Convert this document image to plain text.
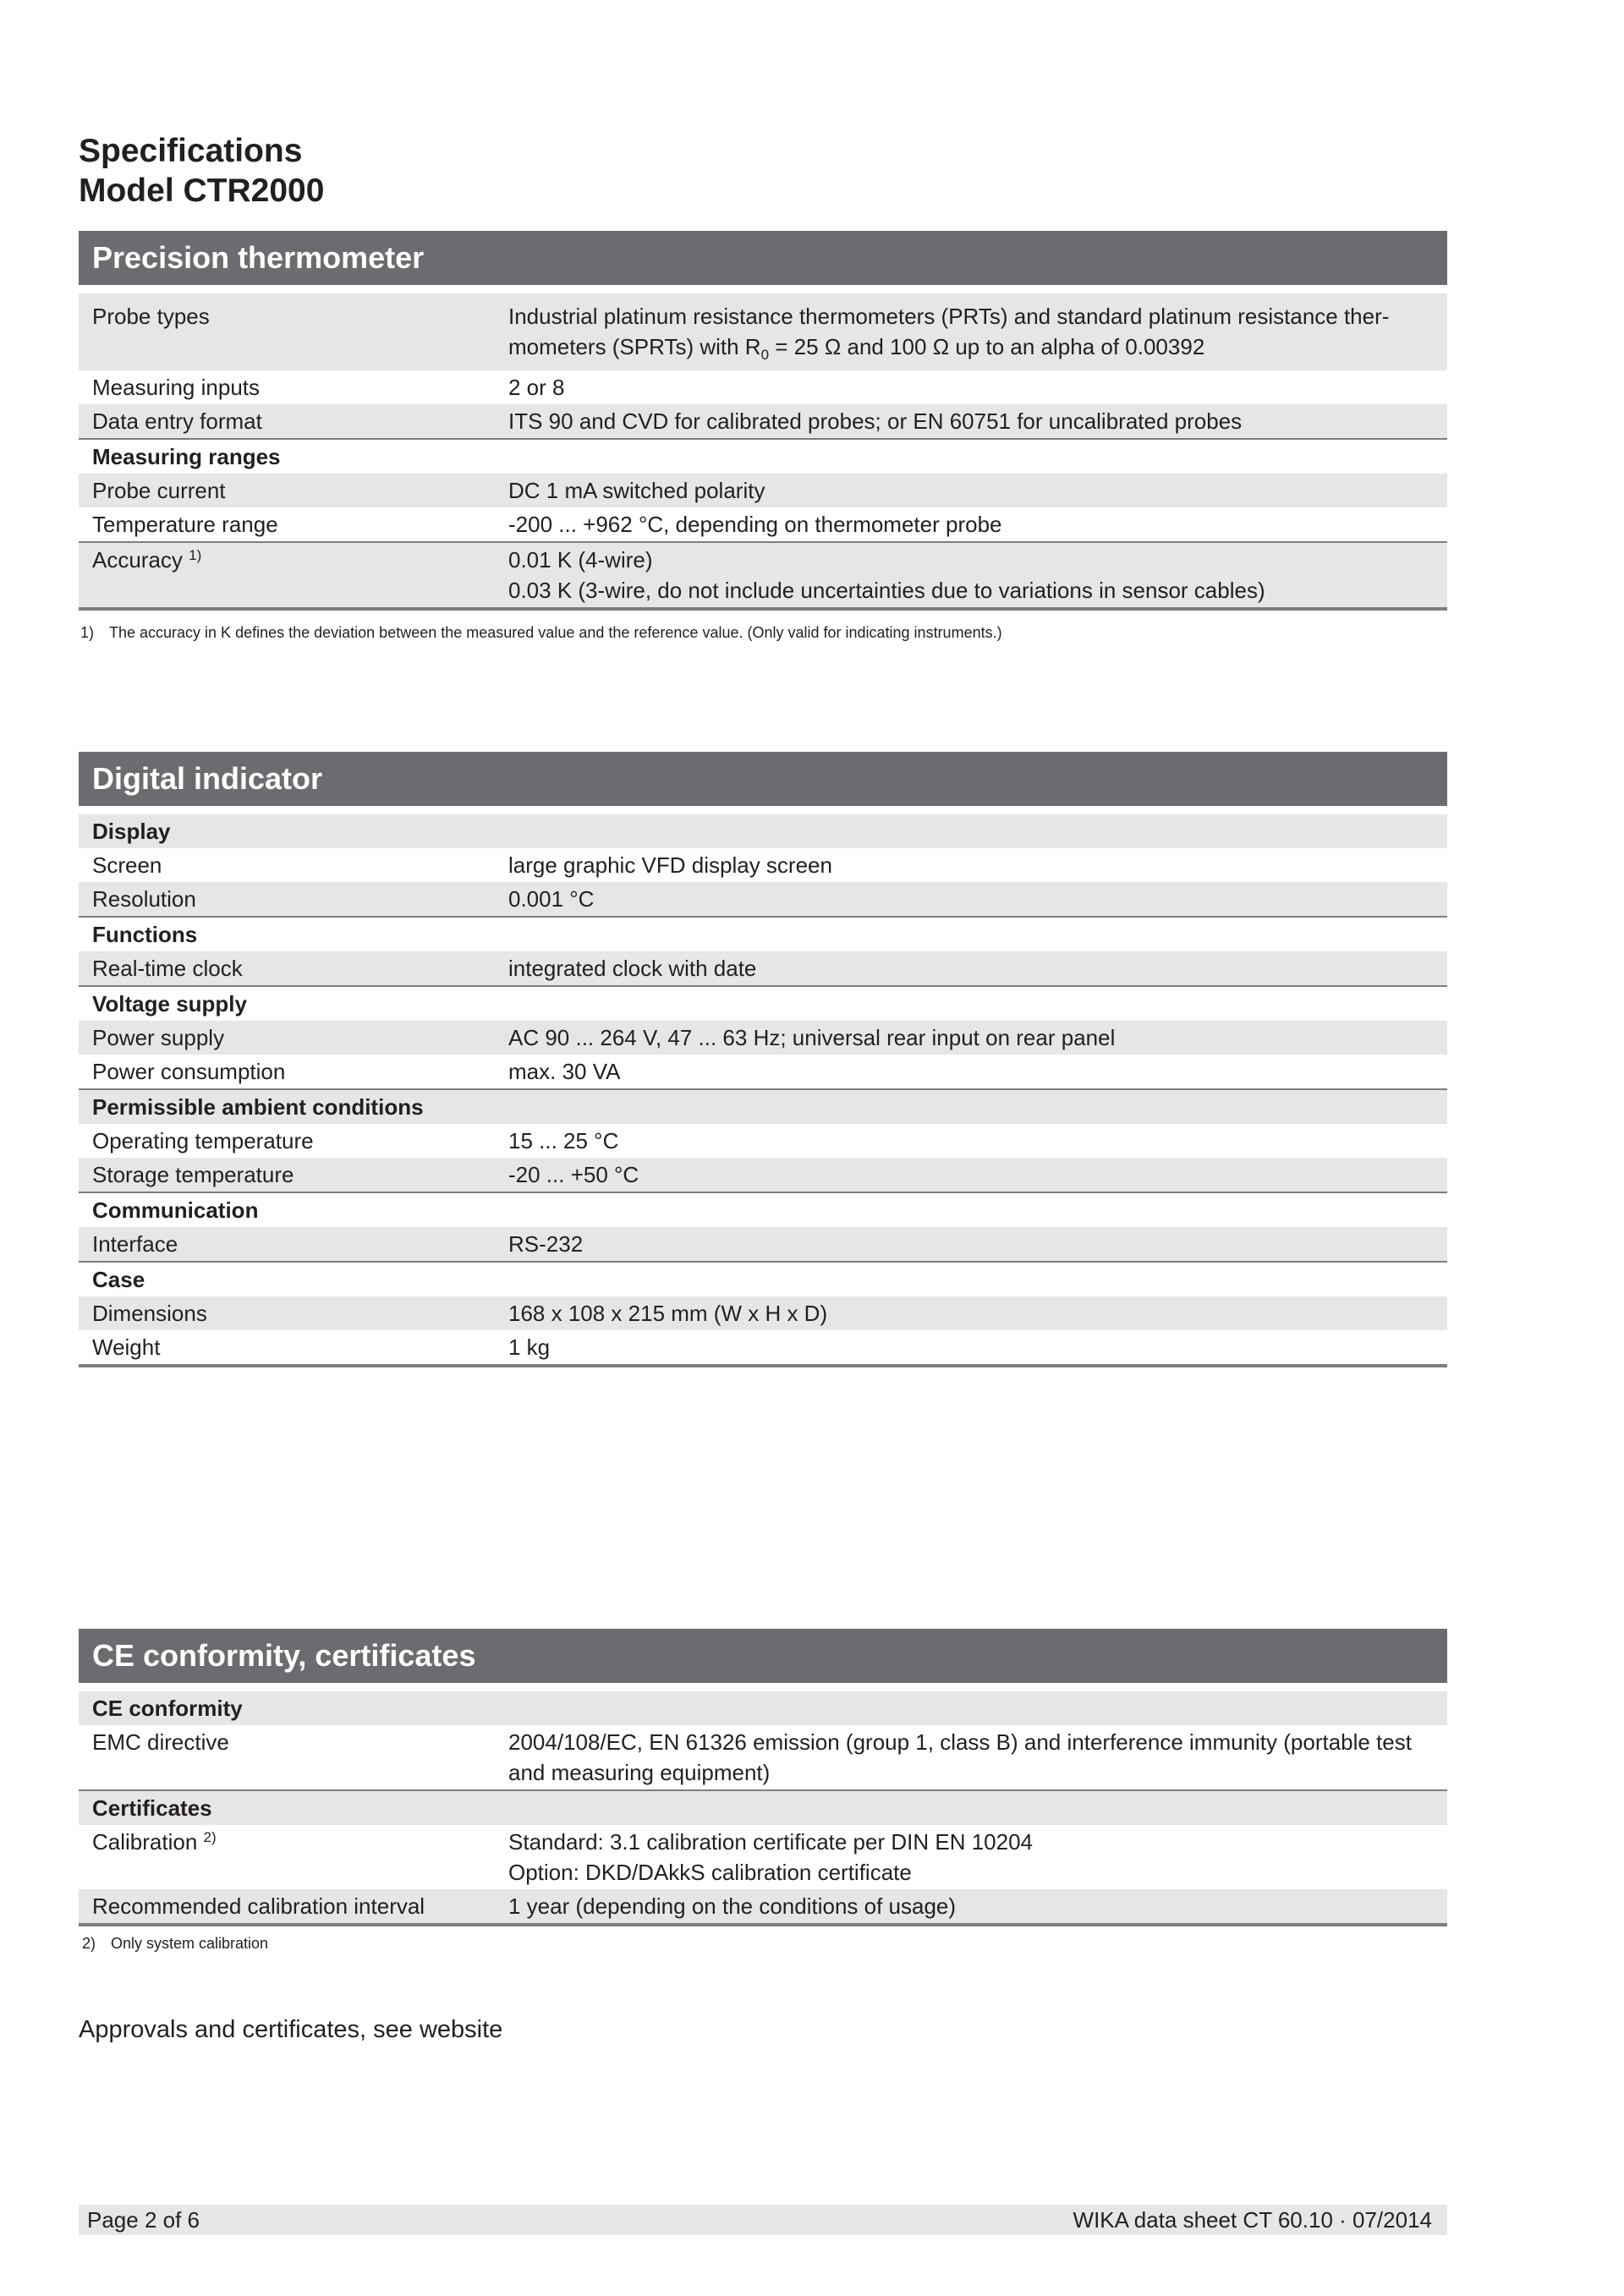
Specifications
Model CTR2000
Precision thermometer
Probe types	Industrial platinum resistance thermometers (PRTs) and standard platinum resistance ther-mometers (SPRTs) with $R_0 = 25$ Ω and 100 Ω up to an alpha of 0.00392
Measuring inputs	2 or 8
Data entry format	ITS 90 and CVD for calibrated probes; or EN 60751 for uncalibrated probes
Measuring ranges	
Probe current	DC 1 mA switched polarity
Temperature range	-200 ... +962 °C, depending on thermometer probe
Accuracy $^{1)}$	0.01 K (4-wire)
0.03 K (3-wire, do not include uncertainties due to variations in sensor cables)
1) The accuracy in K defines the deviation between the measured value and the reference value. (Only valid for indicating instruments.)
Digital indicator
Display	
Screen	large graphic VFD display screen
Resolution	0.001 °C
Functions	
Real-time clock	integrated clock with date
Voltage supply	
Power supply	AC 90 ... 264 V, 47 ... 63 Hz; universal rear input on rear panel
Power consumption	max. 30 VA
Permissible ambient conditions	
Operating temperature	15 ... 25 °C
Storage temperature	-20 ... +50 °C
Communication	
Interface	RS-232
Case	
Dimensions	168 x 108 x 215 mm (W x H x D)
Weight	1 kg
CE conformity, certificates
CE conformity	
EMC directive	2004/108/EC, EN 61326 emission (group 1, class B) and interference immunity (portable test and measuring equipment)
Certificates	
Calibration $^{2)}$	Standard: 3.1 calibration certificate per DIN EN 10204
Option: DKD/DAkkS calibration certificate

Recommended calibration interval	1 year (depending on the conditions of usage)
2) Only system calibration
Approvals and certificates, see website
Page 2 of 6	WIKA data sheet CT 60.10 · 07/2014
